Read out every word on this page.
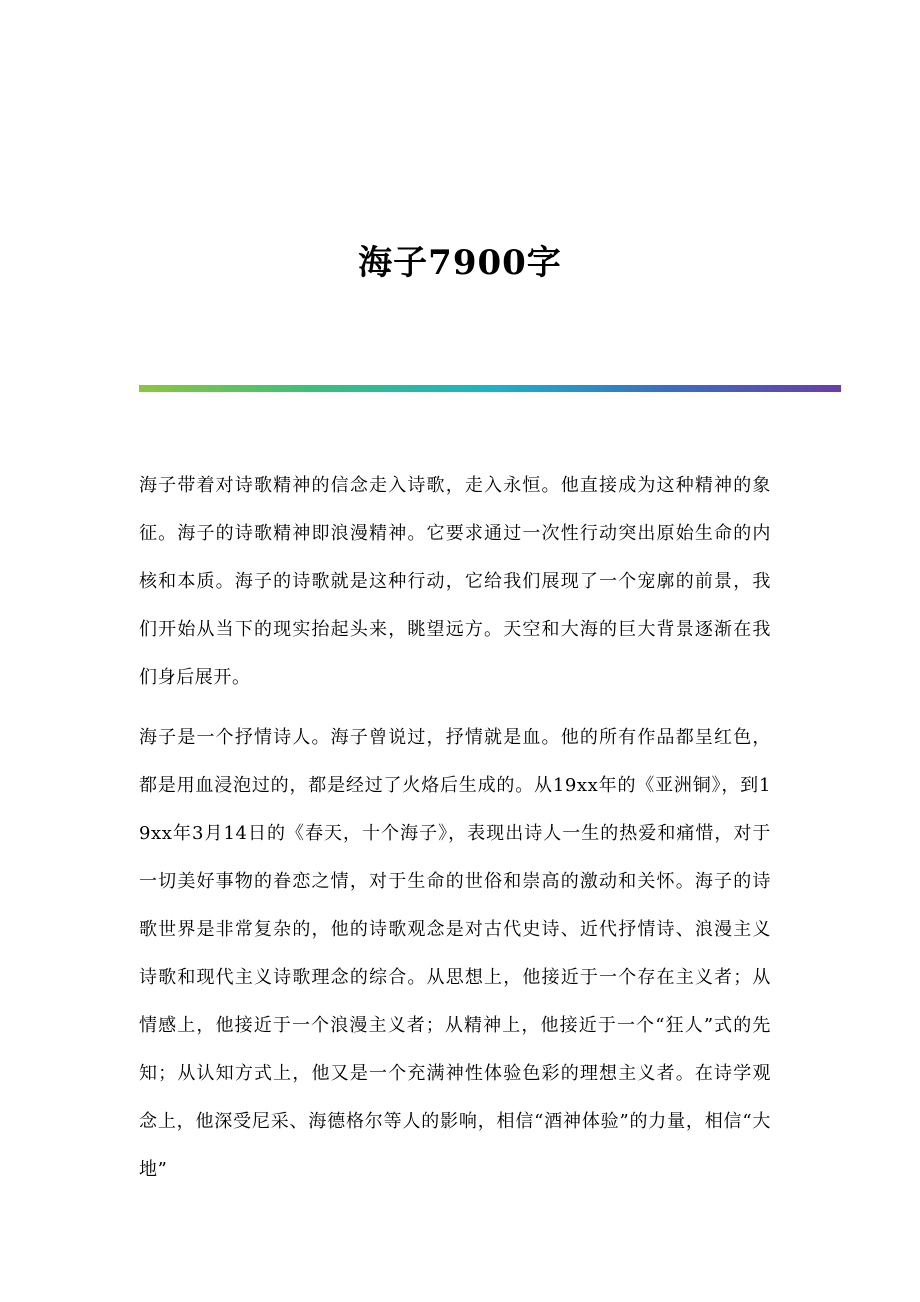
海子7900字

海子带着对诗歌精神的信念走入诗歌，走入永恒。他直接成为这种精神的象征。海子的诗歌精神即浪漫精神。它要求通过一次性行动突出原始生命的内核和本质。海子的诗歌就是这种行动，它给我们展现了一个宠廓的前景，我们开始从当下的现实抬起头来，眺望远方。天空和大海的巨大背景逐渐在我们身后展开。

海子是一个抒情诗人。海子曾说过，抒情就是血。他的所有作品都呈红色，都是用血浸泡过的，都是经过了火烙后生成的。从19xx年的《亚洲铜》，到19xx年3月14日的《春天，十个海子》，表现出诗人一生的热爱和痛惜，对于一切美好事物的眷恋之情，对于生命的世俗和崇高的激动和关怀。海子的诗歌世界是非常复杂的，他的诗歌观念是对古代史诗、近代抒情诗、浪漫主义诗歌和现代主义诗歌理念的综合。从思想上，他接近于一个存在主义者；从情感上，他接近于一个浪漫主义者；从精神上，他接近于一个“狂人”式的先知；从认知方式上，他又是一个充满神性体验色彩的理想主义者。在诗学观念上，他深受尼采、海德格尔等人的影响，相信“酒神体验”的力量，相信“大地”
